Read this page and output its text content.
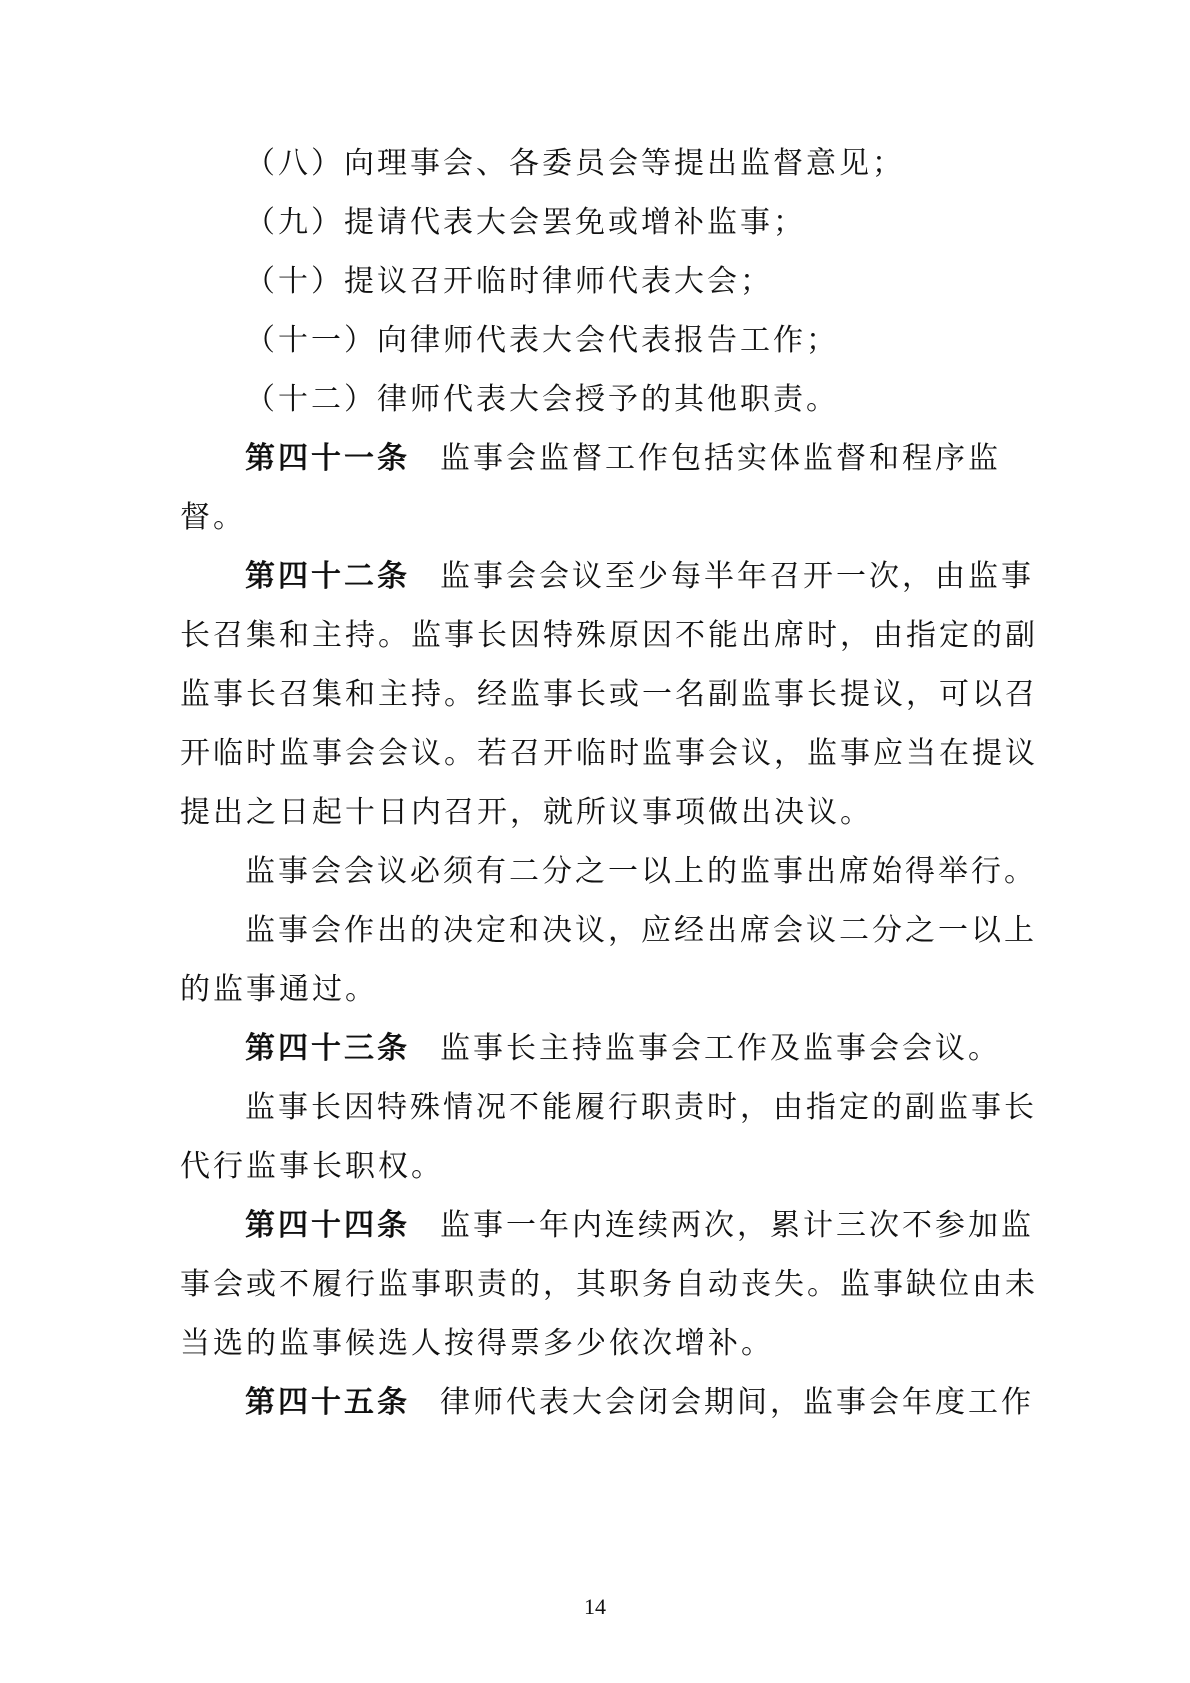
（八）向理事会、各委员会等提出监督意见；
（九）提请代表大会罢免或增补监事；
（十）提议召开临时律师代表大会；
（十一）向律师代表大会代表报告工作；
（十二）律师代表大会授予的其他职责。
第四十一条 监事会监督工作包括实体监督和程序监
督。
第四十二条 监事会会议至少每半年召开一次，由监事
长召集和主持。监事长因特殊原因不能出席时，由指定的副
监事长召集和主持。经监事长或一名副监事长提议，可以召
开临时监事会会议。若召开临时监事会议，监事应当在提议
提出之日起十日内召开，就所议事项做出决议。
监事会会议必须有二分之一以上的监事出席始得举行。
监事会作出的决定和决议，应经出席会议二分之一以上
的监事通过。
第四十三条 监事长主持监事会工作及监事会会议。
监事长因特殊情况不能履行职责时，由指定的副监事长
代行监事长职权。
第四十四条 监事一年内连续两次，累计三次不参加监
事会或不履行监事职责的，其职务自动丧失。监事缺位由未
当选的监事候选人按得票多少依次增补。
第四十五条 律师代表大会闭会期间，监事会年度工作
14
